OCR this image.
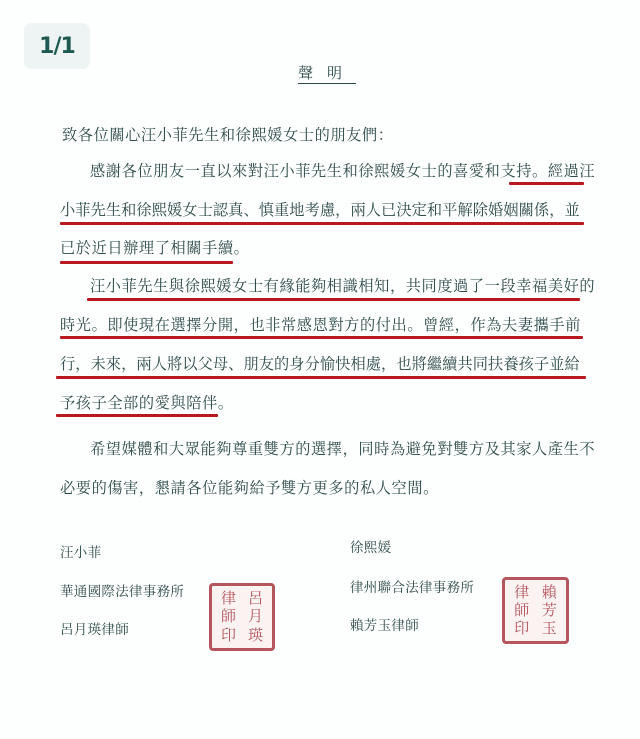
1/1
聲明
致各位關心汪小菲先生和徐熙媛女士的朋友們：
感謝各位朋友一直以來對汪小菲先生和徐熙媛女士的喜愛和支持。經過汪
小菲先生和徐熙媛女士認真、慎重地考慮，兩人已決定和平解除婚姻關係，並
已於近日辦理了相關手續。
汪小菲先生與徐熙媛女士有緣能夠相識相知，共同度過了一段幸福美好的
時光。即使現在選擇分開，也非常感恩對方的付出。曾經，作為夫妻攜手前
行，未來，兩人將以父母、朋友的身分愉快相處，也將繼續共同扶養孩子並給
予孩子全部的愛與陪伴。
希望媒體和大眾能夠尊重雙方的選擇，同時為避免對雙方及其家人產生不
必要的傷害，懇請各位能夠給予雙方更多的私人空間。
汪小菲
華通國際法律事務所
呂月瑛律師
律 呂
師 月
印 瑛
徐熙媛
律州聯合法律事務所
賴芳玉律師
律 賴
師 芳
印 玉
